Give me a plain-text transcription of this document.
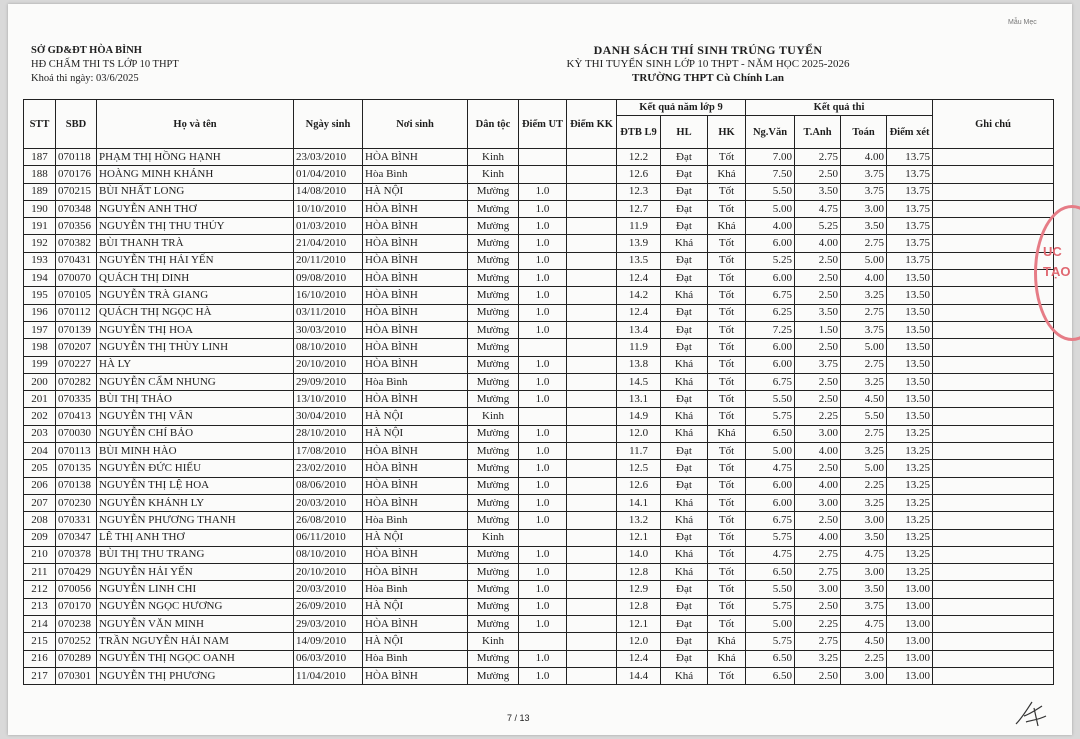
Mẫu Mẹc
SỞ GD&ĐT HÒA BÌNH
HĐ CHẤM THI TS LỚP 10 THPT
Khoá thi ngày: 03/6/2025
DANH SÁCH THÍ SINH TRÚNG TUYỂN
KỲ THI TUYỂN SINH LỚP 10 THPT - NĂM HỌC 2025-2026
TRƯỜNG THPT Cù Chính Lan
STT	SBD	Họ và tên	Ngày sinh	Nơi sinh	Dân tộc	Điểm UT	Điểm KK	Kết quả năm lớp 9			Kết quả thi				Ghi chú
								ĐTB L9	HL	HK	Ng.Văn	T.Anh	Toán	Điểm xét	
187	070118	PHẠM THỊ HỒNG HẠNH	23/03/2010	HÒA BÌNH	Kinh			12.2	Đạt	Tốt	7.00	2.75	4.00	13.75	
188	070176	HOÀNG MINH KHÁNH	01/04/2010	Hòa Bình	Kinh			12.6	Đạt	Khá	7.50	2.50	3.75	13.75	
189	070215	BÙI NHẤT LONG	14/08/2010	HÀ NỘI	Mường	1.0		12.3	Đạt	Tốt	5.50	3.50	3.75	13.75	
190	070348	NGUYỄN ANH THƠ	10/10/2010	HÒA BÌNH	Mường	1.0		12.7	Đạt	Tốt	5.00	4.75	3.00	13.75	
191	070356	NGUYỄN THỊ THU THỦY	01/03/2010	HÒA BÌNH	Mường	1.0		11.9	Đạt	Khá	4.00	5.25	3.50	13.75	
192	070382	BÙI THANH TRÀ	21/04/2010	HÒA BÌNH	Mường	1.0		13.9	Khá	Tốt	6.00	4.00	2.75	13.75	
193	070431	NGUYỄN THỊ HẢI YẾN	20/11/2010	HÒA BÌNH	Mường	1.0		13.5	Đạt	Tốt	5.25	2.50	5.00	13.75	
194	070070	QUÁCH THỊ DINH	09/08/2010	HÒA BÌNH	Mường	1.0		12.4	Đạt	Tốt	6.00	2.50	4.00	13.50	
195	070105	NGUYỄN TRÀ GIANG	16/10/2010	HÒA BÌNH	Mường	1.0		14.2	Khá	Tốt	6.75	2.50	3.25	13.50	
196	070112	QUÁCH THỊ NGỌC HÀ	03/11/2010	HÒA BÌNH	Mường	1.0		12.4	Đạt	Tốt	6.25	3.50	2.75	13.50	
197	070139	NGUYỄN THỊ HOA	30/03/2010	HÒA BÌNH	Mường	1.0		13.4	Đạt	Tốt	7.25	1.50	3.75	13.50	
198	070207	NGUYỄN THỊ THÙY LINH	08/10/2010	HÒA BÌNH	Mường			11.9	Đạt	Tốt	6.00	2.50	5.00	13.50	
199	070227	HÀ LY	20/10/2010	HÒA BÌNH	Mường	1.0		13.8	Khá	Tốt	6.00	3.75	2.75	13.50	
200	070282	NGUYỄN CẨM NHUNG	29/09/2010	Hòa Bình	Mường	1.0		14.5	Khá	Tốt	6.75	2.50	3.25	13.50	
201	070335	BÙI THỊ THẢO	13/10/2010	HÒA BÌNH	Mường	1.0		13.1	Đạt	Tốt	5.50	2.50	4.50	13.50	
202	070413	NGUYỄN THỊ VÂN	30/04/2010	HÀ NỘI	Kinh			14.9	Khá	Tốt	5.75	2.25	5.50	13.50	
203	070030	NGUYỄN CHÍ BẢO	28/10/2010	HÀ NỘI	Mường	1.0		12.0	Khá	Khá	6.50	3.00	2.75	13.25	
204	070113	BÙI MINH HÀO	17/08/2010	HÒA BÌNH	Mường	1.0		11.7	Đạt	Tốt	5.00	4.00	3.25	13.25	
205	070135	NGUYỄN ĐỨC HIẾU	23/02/2010	HÒA BÌNH	Mường	1.0		12.5	Đạt	Tốt	4.75	2.50	5.00	13.25	
206	070138	NGUYỄN THỊ LỆ HOA	08/06/2010	HÒA BÌNH	Mường	1.0		12.6	Đạt	Tốt	6.00	4.00	2.25	13.25	
207	070230	NGUYỄN KHÁNH LY	20/03/2010	HÒA BÌNH	Mường	1.0		14.1	Khá	Tốt	6.00	3.00	3.25	13.25	
208	070331	NGUYỄN PHƯƠNG THANH	26/08/2010	Hòa Bình	Mường	1.0		13.2	Khá	Tốt	6.75	2.50	3.00	13.25	
209	070347	LÊ THỊ ANH THƠ	06/11/2010	HÀ NỘI	Kinh			12.1	Đạt	Tốt	5.75	4.00	3.50	13.25	
210	070378	BÙI THỊ THU TRANG	08/10/2010	HÒA BÌNH	Mường	1.0		14.0	Khá	Tốt	4.75	2.75	4.75	13.25	
211	070429	NGUYỄN HẢI YẾN	20/10/2010	HÒA BÌNH	Mường	1.0		12.8	Khá	Tốt	6.50	2.75	3.00	13.25	
212	070056	NGUYỄN LINH CHI	20/03/2010	Hòa Bình	Mường	1.0		12.9	Đạt	Tốt	5.50	3.00	3.50	13.00	
213	070170	NGUYỄN NGỌC HƯƠNG	26/09/2010	HÀ NỘI	Mường	1.0		12.8	Đạt	Tốt	5.75	2.50	3.75	13.00	
214	070238	NGUYỄN VĂN MINH	29/03/2010	HÒA BÌNH	Mường	1.0		12.1	Đạt	Tốt	5.00	2.25	4.75	13.00	
215	070252	TRẦN NGUYỄN HẢI NAM	14/09/2010	HÀ NỘI	Kinh			12.0	Đạt	Khá	5.75	2.75	4.50	13.00	
216	070289	NGUYỄN THỊ NGỌC OANH	06/03/2010	Hòa Bình	Mường	1.0		12.4	Đạt	Khá	6.50	3.25	2.25	13.00	
217	070301	NGUYỄN THỊ PHƯƠNG	11/04/2010	HÒA BÌNH	Mường	1.0		14.4	Khá	Tốt	6.50	2.50	3.00	13.00	
7 / 13
UC
TẠO
